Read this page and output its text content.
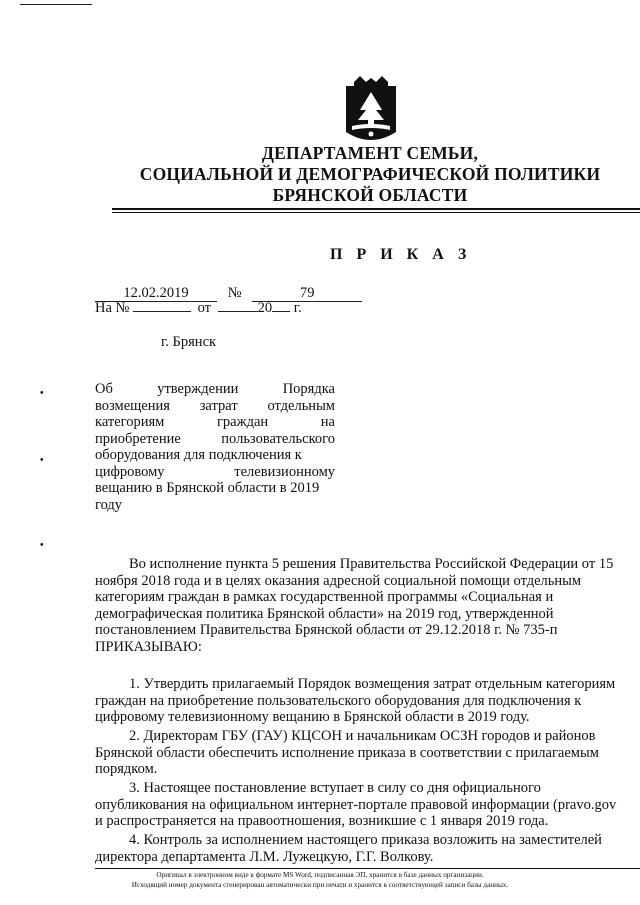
ДЕПАРТАМЕНТ СЕМЬИ,
СОЦИАЛЬНОЙ И ДЕМОГРАФИЧЕСКОЙ ПОЛИТИКИ
БРЯНСКОЙ ОБЛАСТИ
П Р И К А З
12.02.2019	№	79
На №	от	20 г.
г. Брянск
•
•
•
Об	утверждении	Порядка
возмещения затрат отдельным
категориям	граждан	на
приобретение	пользовательского
оборудования для подключения к
цифровому	телевизионному
вещанию в Брянской области в 2019
году
Во исполнение пункта 5 решения Правительства Российской Федерации от 15
ноября 2018 года и в целях оказания адресной социальной помощи отдельным
категориям граждан в рамках государственной программы «Социальная и
демографическая политика Брянской области» на 2019 год, утвержденной
постановлением Правительства Брянской области от 29.12.2018 г. № 735-п
ПРИКАЗЫВАЮ:
1. Утвердить прилагаемый Порядок возмещения затрат отдельным категориям
граждан на приобретение пользовательского оборудования для подключения к
цифровому телевизионному вещанию в Брянской области в 2019 году.
2. Директорам ГБУ (ГАУ) КЦСОН и начальникам ОСЗН городов и районов
Брянской области обеспечить исполнение приказа в соответствии с прилагаемым
порядком.
3. Настоящее постановление вступает в силу со дня официального
опубликования на официальном интернет-портале правовой информации (pravo.gov
и распространяется на правоотношения, возникшие с 1 января 2019 года.
4. Контроль за исполнением настоящего приказа возложить на заместителей
директора департамента Л.М. Лужецкую, Г.Г. Волкову.
Оригинал в электронном виде в формате MS Word, подписанная ЭП, хранится в базе данных организации.
Исходящий номер документа сгенерирован автоматически при печати и хранится в соответствующей записи базы данных.
